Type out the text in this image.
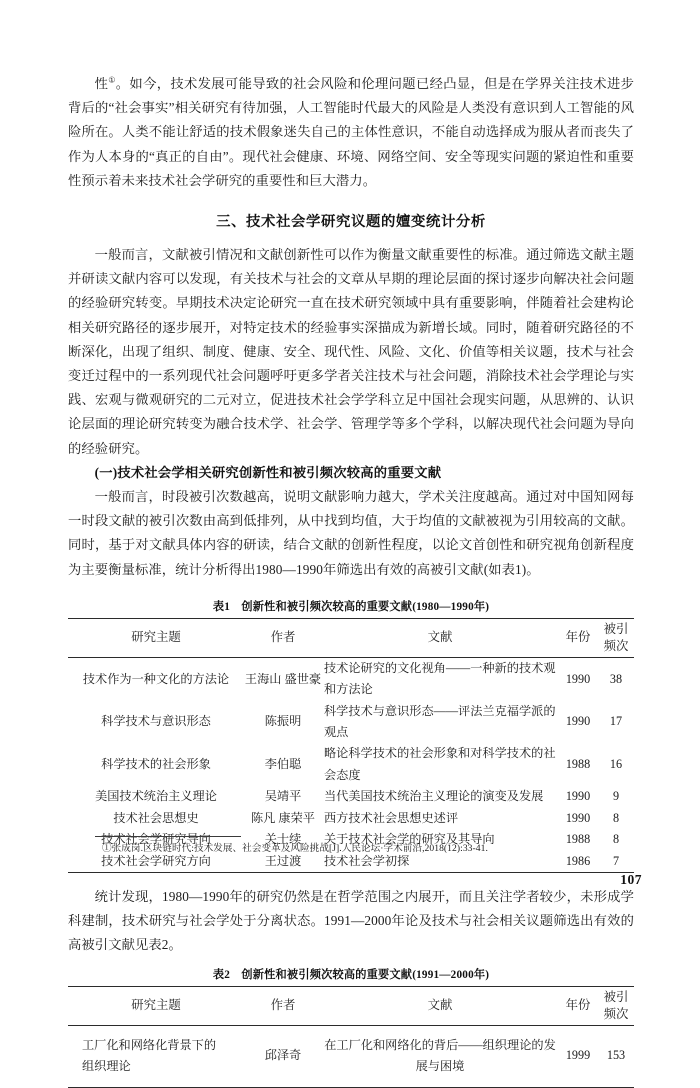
性①。如今，技术发展可能导致的社会风险和伦理问题已经凸显，但是在学界关注技术进步背后的“社会事实”相关研究有待加强，人工智能时代最大的风险是人类没有意识到人工智能的风险所在。人类不能让舒适的技术假象迷失自己的主体性意识，不能自动选择成为服从者而丧失了作为人本身的“真正的自由”。现代社会健康、环境、网络空间、安全等现实问题的紧迫性和重要性预示着未来技术社会学研究的重要性和巨大潜力。

三、技术社会学研究议题的嬗变统计分析

一般而言，文献被引情况和文献创新性可以作为衡量文献重要性的标准。通过筛选文献主题并研读文献内容可以发现，有关技术与社会的文章从早期的理论层面的探讨逐步向解决社会问题的经验研究转变。早期技术决定论研究一直在技术研究领域中具有重要影响，伴随着社会建构论相关研究路径的逐步展开，对特定技术的经验事实深描成为新增长域。同时，随着研究路径的不断深化，出现了组织、制度、健康、安全、现代性、风险、文化、价值等相关议题，技术与社会变迁过程中的一系列现代社会问题呼吁更多学者关注技术与社会问题，消除技术社会学理论与实践、宏观与微观研究的二元对立，促进技术社会学学科立足中国社会现实问题，从思辨的、认识论层面的理论研究转变为融合技术学、社会学、管理学等多个学科，以解决现代社会问题为导向的经验研究。

(一)技术社会学相关研究创新性和被引频次较高的重要文献

一般而言，时段被引次数越高，说明文献影响力越大，学术关注度越高。通过对中国知网每一时段文献的被引次数由高到低排列，从中找到均值，大于均值的文献被视为引用较高的文献。同时，基于对文献具体内容的研读，结合文献的创新性程度，以论文首创性和研究视角创新程度为主要衡量标准，统计分析得出1980—1990年筛选出有效的高被引文献(如表1)。

表1　创新性和被引频次较高的重要文献(1980—1990年)
研究主题	作者	文献	年份	被引
频次

技术作为一种文化的方法论	王海山 盛世豪	技术论研究的文化视角——一种新的技术观和方法论	1990	38
科学技术与意识形态	陈振明	科学技术与意识形态——评法兰克福学派的观点	1990	17
科学技术的社会形象	李伯聪	略论科学技术的社会形象和对科学技术的社会态度	1988	16
美国技术统治主义理论	吴靖平	当代美国技术统治主义理论的演变及发展	1990	9
技术社会思想史	陈凡 康荣平	西方技术社会思想史述评	1990	8
技术社会学研究导向	关士续	关于技术社会学的研究及其导向	1988	8
技术社会学研究方向	王过渡	技术社会学初探	1986	7

统计发现，1980—1990年的研究仍然是在哲学范围之内展开，而且关注学者较少，未形成学科建制，技术研究与社会学处于分离状态。1991—2000年论及技术与社会相关议题筛选出有效的高被引文献见表2。

表2　创新性和被引频次较高的重要文献(1991—2000年)
研究主题	作者	文献	年份	被引
频次

工厂化和网络化背景下的组织理论	邱泽奇	在工厂化和网络化的背后——组织理论的发展与困境	1999	153
①张成岗.区块链时代:技术发展、社会变革及风险挑战[J].人民论坛·学术前沿,2018(12):33-41.
107
